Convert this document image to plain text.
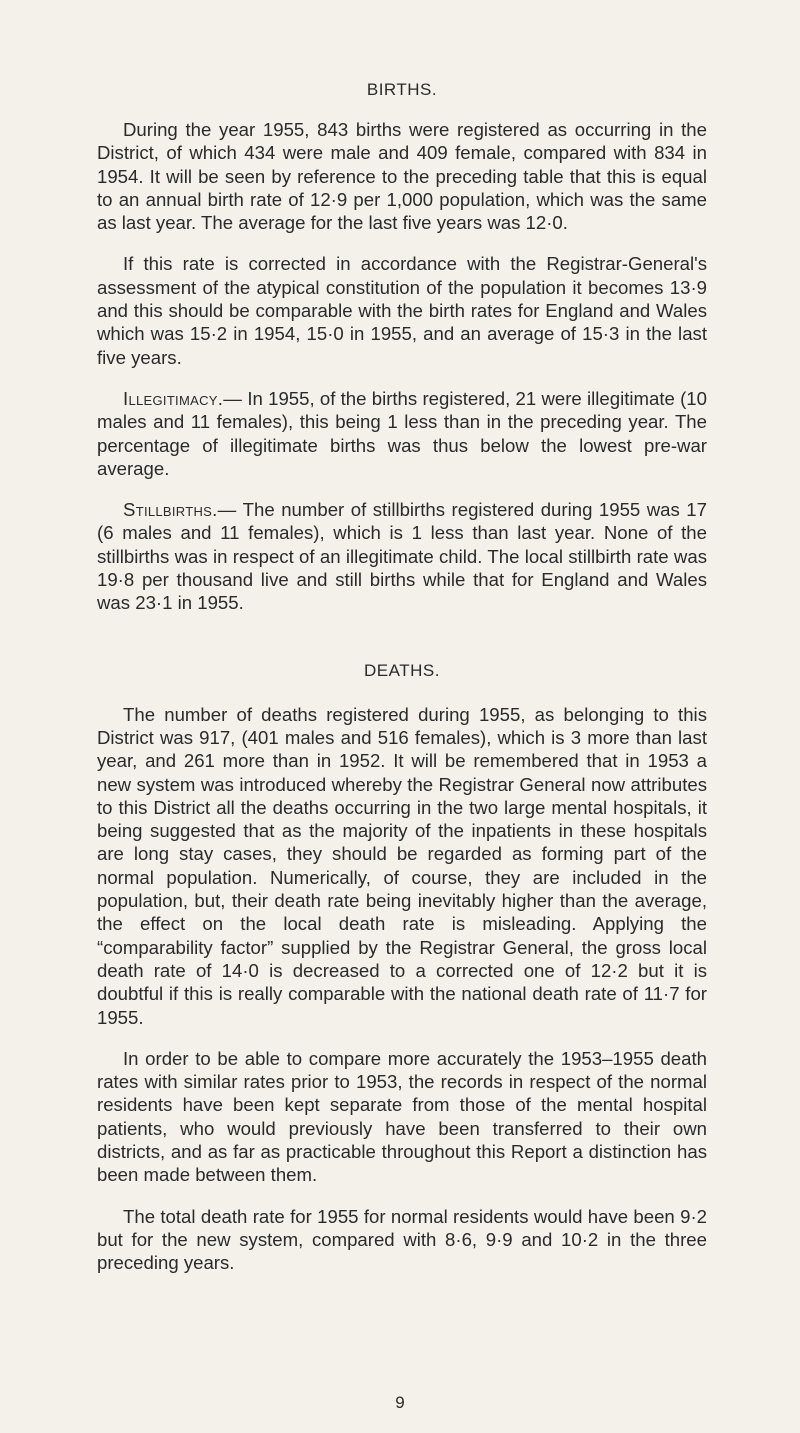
BIRTHS.

During the year 1955, 843 births were registered as occurring in the District, of which 434 were male and 409 female, compared with 834 in 1954. It will be seen by reference to the preceding table that this is equal to an annual birth rate of 12·9 per 1,000 population, which was the same as last year. The average for the last five years was 12·0.

If this rate is corrected in accordance with the Registrar-General's assessment of the atypical constitution of the population it becomes 13·9 and this should be comparable with the birth rates for England and Wales which was 15·2 in 1954, 15·0 in 1955, and an average of 15·3 in the last five years.

Illegitimacy.— In 1955, of the births registered, 21 were illegitimate (10 males and 11 females), this being 1 less than in the preceding year. The percentage of illegitimate births was thus below the lowest pre-war average.

Stillbirths.— The number of stillbirths registered during 1955 was 17 (6 males and 11 females), which is 1 less than last year. None of the stillbirths was in respect of an illegitimate child. The local stillbirth rate was 19·8 per thousand live and still births while that for England and Wales was 23·1 in 1955.

DEATHS.

The number of deaths registered during 1955, as belonging to this District was 917, (401 males and 516 females), which is 3 more than last year, and 261 more than in 1952. It will be remembered that in 1953 a new system was introduced whereby the Registrar General now attributes to this District all the deaths occurring in the two large mental hospitals, it being suggested that as the majority of the inpatients in these hospitals are long stay cases, they should be regarded as forming part of the normal population. Numerically, of course, they are included in the population, but, their death rate being inevitably higher than the average, the effect on the local death rate is misleading. Applying the “comparability factor” supplied by the Registrar General, the gross local death rate of 14·0 is decreased to a corrected one of 12·2 but it is doubtful if this is really comparable with the national death rate of 11·7 for 1955.

In order to be able to compare more accurately the 1953–1955 death rates with similar rates prior to 1953, the records in respect of the normal residents have been kept separate from those of the mental hospital patients, who would previously have been transferred to their own districts, and as far as practicable throughout this Report a distinction has been made between them.

The total death rate for 1955 for normal residents would have been 9·2 but for the new system, compared with 8·6, 9·9 and 10·2 in the three preceding years.

9
